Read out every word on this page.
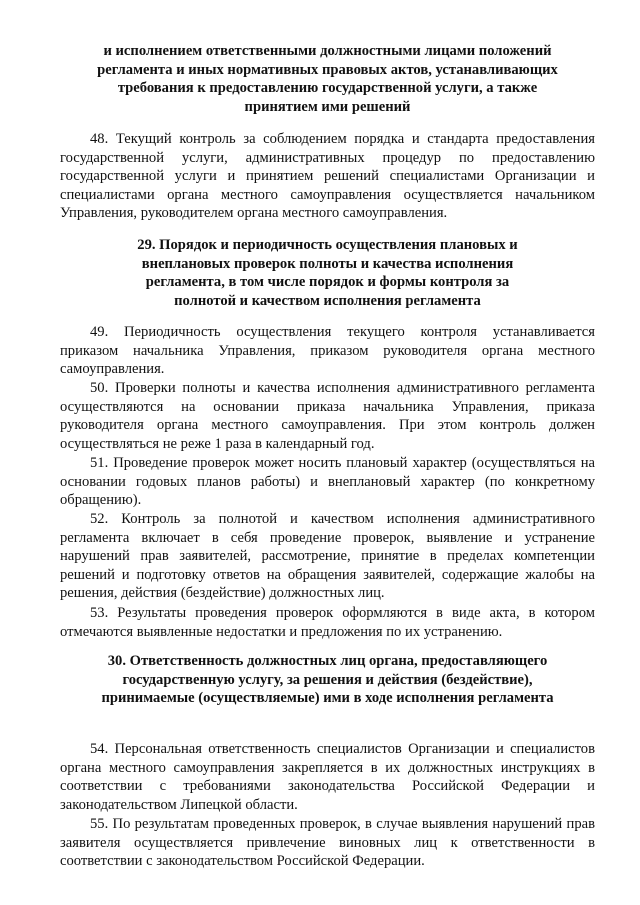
и исполнением ответственными должностными лицами положений регламента и иных нормативных правовых актов, устанавливающих требования к предоставлению государственной услуги, а также принятием ими решений

48. Текущий контроль за соблюдением порядка и стандарта предоставления государственной услуги, административных процедур по предоставлению государственной услуги и принятием решений специалистами Организации и специалистами органа местного самоуправления осуществляется начальником Управления, руководителем органа местного самоуправления.

29. Порядок и периодичность осуществления плановых и внеплановых проверок полноты и качества исполнения регламента, в том числе порядок и формы контроля за полнотой и качеством исполнения регламента

49. Периодичность осуществления текущего контроля устанавливается приказом начальника Управления, приказом руководителя органа местного самоуправления.

50. Проверки полноты и качества исполнения административного регламента осуществляются на основании приказа начальника Управления, приказа руководителя органа местного самоуправления. При этом контроль должен осуществляться не реже 1 раза в календарный год.

51. Проведение проверок может носить плановый характер (осуществляться на основании годовых планов работы) и внеплановый характер (по конкретному обращению).

52. Контроль за полнотой и качеством исполнения административного регламента включает в себя проведение проверок, выявление и устранение нарушений прав заявителей, рассмотрение, принятие в пределах компетенции решений и подготовку ответов на обращения заявителей, содержащие жалобы на решения, действия (бездействие) должностных лиц.

53. Результаты проведения проверок оформляются в виде акта, в котором отмечаются выявленные недостатки и предложения по их устранению.

30. Ответственность должностных лиц органа, предоставляющего государственную услугу, за решения и действия (бездействие), принимаемые (осуществляемые) ими в ходе исполнения регламента

54. Персональная ответственность специалистов Организации и специалистов органа местного самоуправления закрепляется в их должностных инструкциях в соответствии с требованиями законодательства Российской Федерации и законодательством Липецкой области.

55. По результатам проведенных проверок, в случае выявления нарушений прав заявителя осуществляется привлечение виновных лиц к ответственности в соответствии с законодательством Российской Федерации.
